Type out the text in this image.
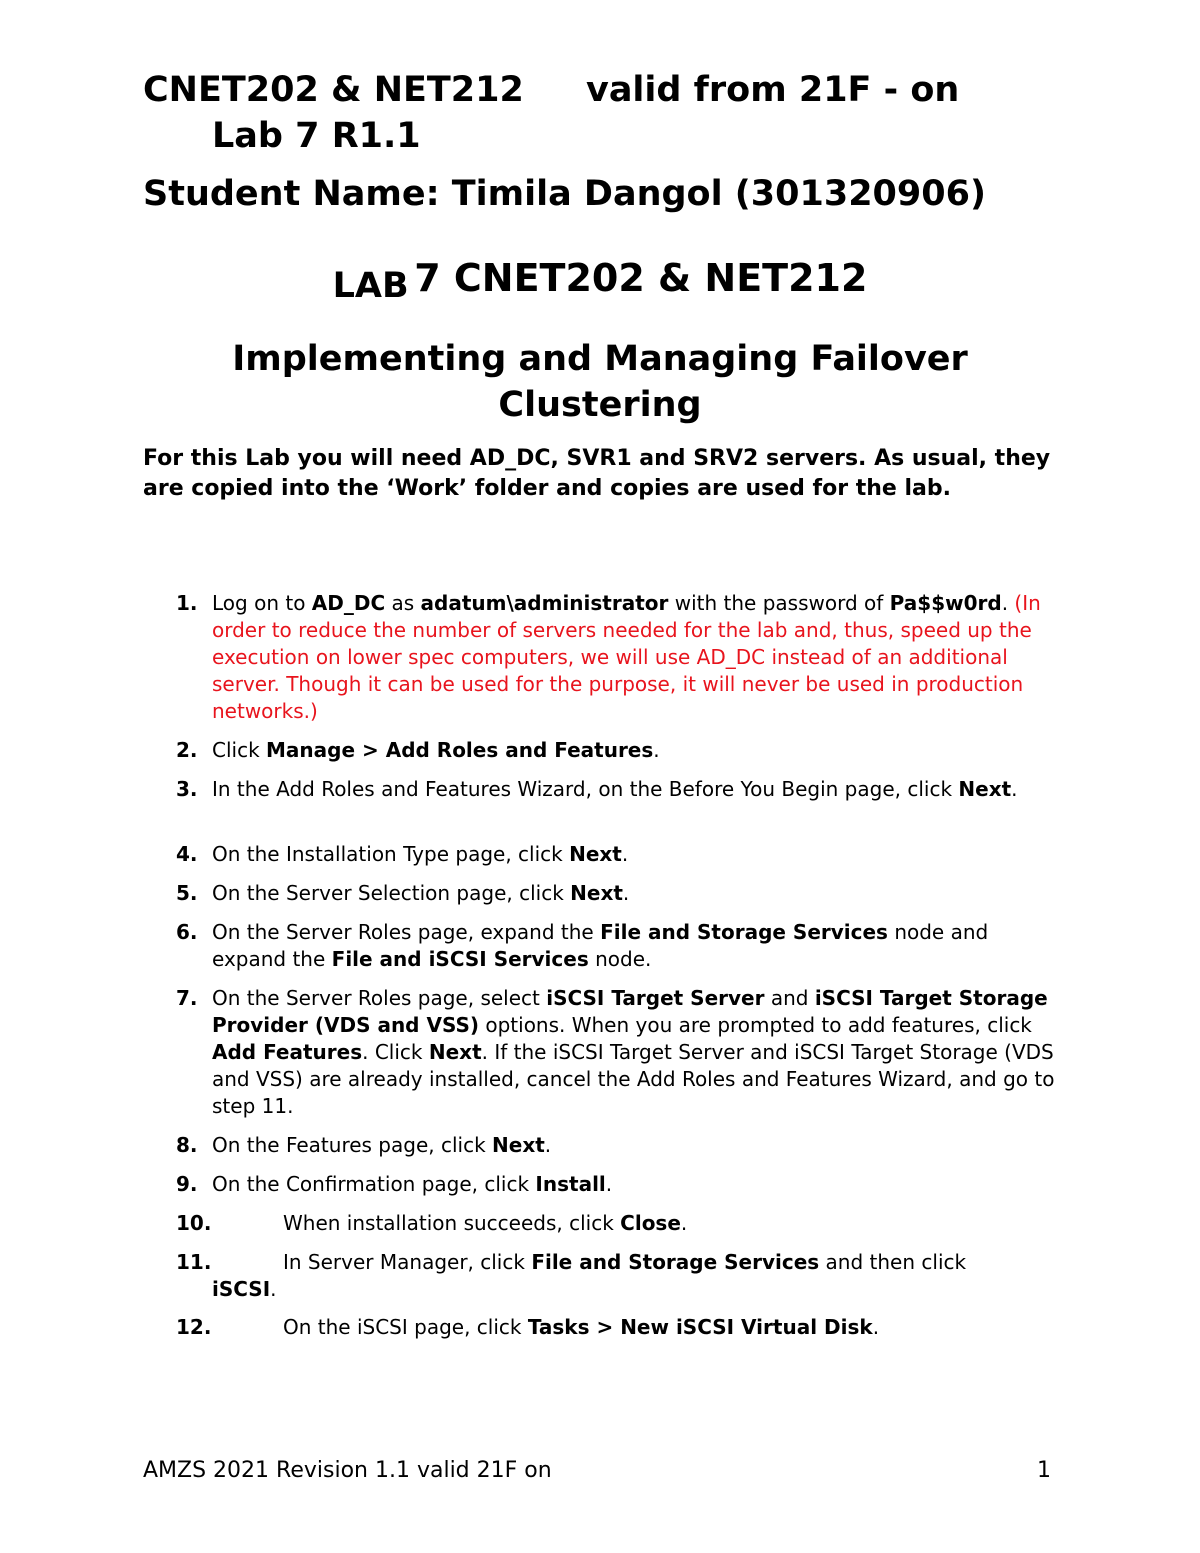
CNET202 & NET212 valid from 21F - on
Lab 7 R1.1
Student Name: Timila Dangol (301320906)
LAB 7 CNET202 & NET212
Implementing and Managing Failover
Clustering
For this Lab you will need AD_DC, SVR1 and SRV2 servers. As usual, they are copied into the ‘Work’ folder and copies are used for the lab.
1. Log on to AD_DC as adatum\administrator with the password of Pa$$w0rd. (In order to reduce the number of servers needed for the lab and, thus, speed up the execution on lower spec computers, we will use AD_DC instead of an additional server. Though it can be used for the purpose, it will never be used in production networks.)
2. Click Manage > Add Roles and Features.
3. In the Add Roles and Features Wizard, on the Before You Begin page, click Next.
4. On the Installation Type page, click Next.
5. On the Server Selection page, click Next.
6. On the Server Roles page, expand the File and Storage Services node and expand the File and iSCSI Services node.
7. On the Server Roles page, select iSCSI Target Server and iSCSI Target Storage Provider (VDS and VSS) options. When you are prompted to add features, click Add Features. Click Next. If the iSCSI Target Server and iSCSI Target Storage (VDS and VSS) are already installed, cancel the Add Roles and Features Wizard, and go to step 11.
8. On the Features page, click Next.
9. On the Confirmation page, click Install.
10.	When installation succeeds, click Close.
11.	In Server Manager, click File and Storage Services and then click
iSCSI.
12.	On the iSCSI page, click Tasks > New iSCSI Virtual Disk.
AMZS 2021 Revision 1.1 valid 21F on	1
